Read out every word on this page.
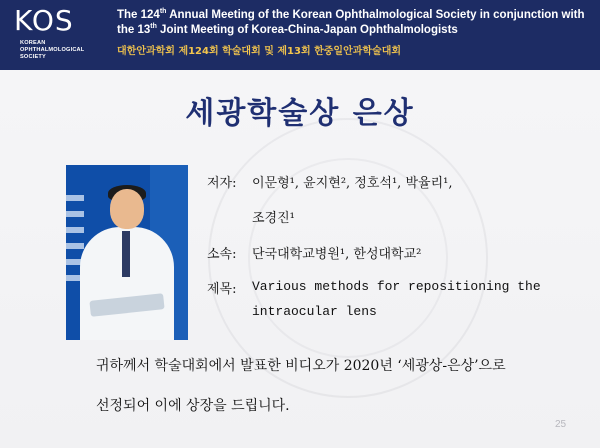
KOS
KOREAN
OPHTHALMOLOGICAL
SOCIETY
The 124th Annual Meeting of the Korean Ophthalmological Society in conjunction with
the 13th Joint Meeting of Korea-China-Japan Ophthalmologists
대한안과학회 제124회 학술대회 및 제13회 한중일안과학술대회
세광학술상 은상
저자: 이문형¹, 윤지현², 정호석¹, 박율리¹,
조경진¹
소속: 단국대학교병원¹, 한성대학교²
제목: Various methods for repositioning the
intraocular lens
귀하께서 학술대회에서 발표한 비디오가 2020년 ‘세광상-은상’으로
선정되어 이에 상장을 드립니다.
25
